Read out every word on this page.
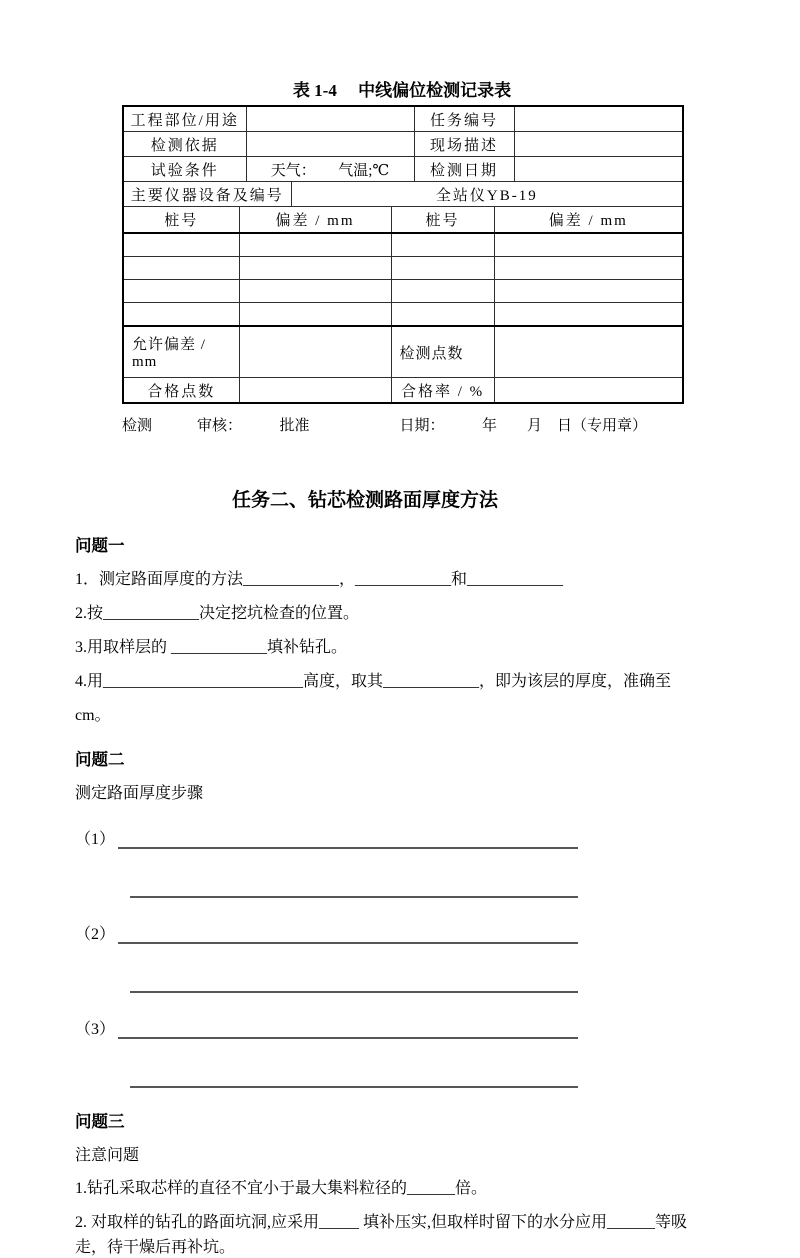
表 1-4　 中线偏位检测记录表
工程部位/用途					任务编号		
检测依据					现场描述		
试验条件		天气：　　气温;℃			检测日期		
主要仪器设备及编号			全站仪YB-19				
桩号	偏差 / mm			桩号		偏差 / mm	

允许偏差 / mm				检测点数			
合格点数				合格率 / %			
检测　　　审核：　　　批准　　　　　　日期：　　　年　　月　日（专用章）
任务二、钻芯检测路面厚度方法
问题一

1．测定路面厚度的方法____________，____________和____________

2.按____________决定挖坑检查的位置。

3.用取样层的 ____________填补钻孔。

4.用_________________________高度，取其____________，即为该层的厚度，准确至

cm。

问题二

测定路面厚度步骤

（1）
（2）
（3）
问题三

注意问题

1.钻孔采取芯样的直径不宜小于最大集料粒径的______倍。

2. 对取样的钻孔的路面坑洞,应采用_____ 填补压实,但取样时留下的水分应用______等吸

走，待干燥后再补坑。
